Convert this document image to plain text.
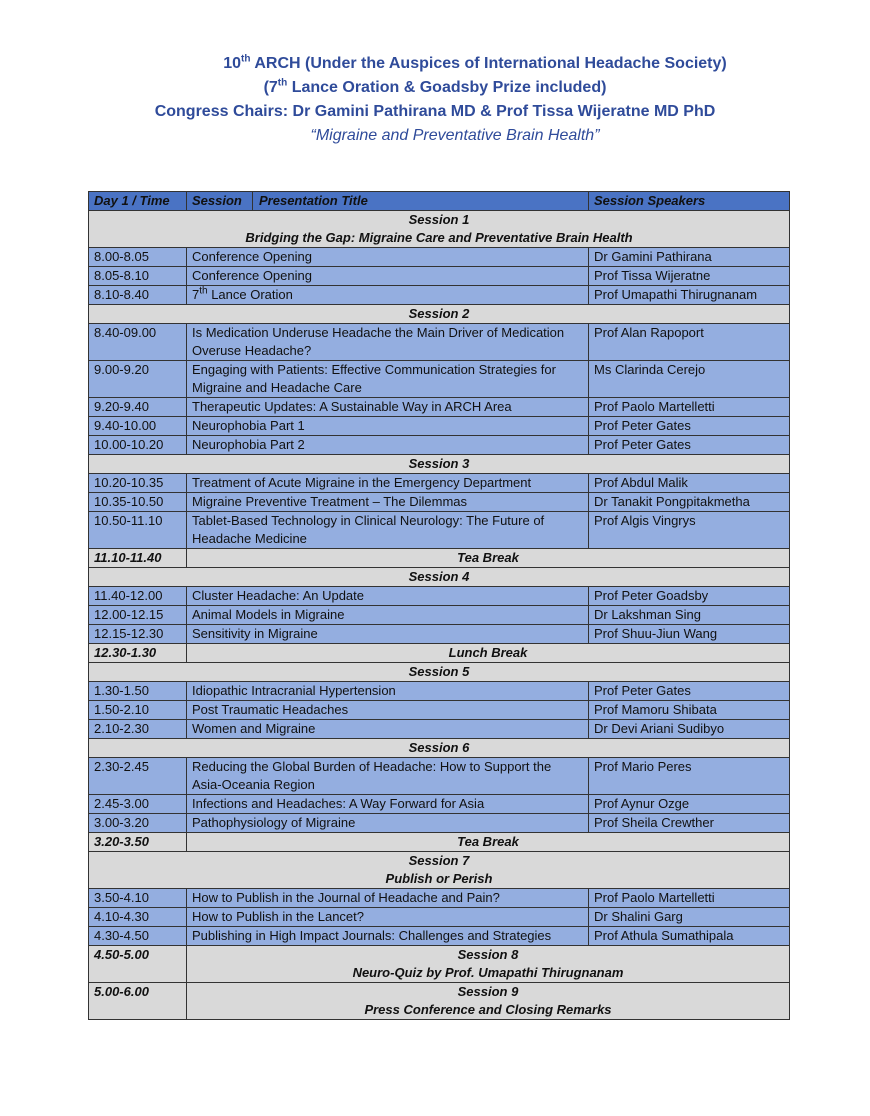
10th ARCH (Under the Auspices of International Headache Society)
(7th Lance Oration & Goadsby Prize included)
Congress Chairs: Dr Gamini Pathirana MD & Prof Tissa Wijeratne MD PhD
“Migraine and Preventative Brain Health”
Day 1 / Time	Session Presentation Title	Session Speakers

Session 1
Bridging the Gap: Migraine Care and Preventative Brain Health		

8.00-8.05	Conference Opening	Dr Gamini Pathirana
8.05-8.10	Conference Opening	Prof Tissa Wijeratne
8.10-8.40	7th Lance Oration	Prof Umapathi Thirugnanam
Session 2		
8.40-09.00	Is Medication Underuse Headache the Main Driver of Medication Overuse Headache?	Prof Alan Rapoport
9.00-9.20	Engaging with Patients: Effective Communication Strategies for Migraine and Headache Care	Ms Clarinda Cerejo
9.20-9.40	Therapeutic Updates: A Sustainable Way in ARCH Area	Prof Paolo Martelletti
9.40-10.00	Neurophobia Part 1	Prof Peter Gates
10.00-10.20	Neurophobia Part 2	Prof Peter Gates
Session 3		
10.20-10.35	Treatment of Acute Migraine in the Emergency Department	Prof Abdul Malik
10.35-10.50	Migraine Preventive Treatment – The Dilemmas	Dr Tanakit Pongpitakmetha
10.50-11.10	Tablet-Based Technology in Clinical Neurology: The Future of Headache Medicine	Prof Algis Vingrys
11.10-11.40	Tea Break	
Session 4		
11.40-12.00	Cluster Headache: An Update	Prof Peter Goadsby
12.00-12.15	Animal Models in Migraine	Dr Lakshman Sing
12.15-12.30	Sensitivity in Migraine	Prof Shuu-Jiun Wang
12.30-1.30	Lunch Break	
Session 5		
1.30-1.50	Idiopathic Intracranial Hypertension	Prof Peter Gates
1.50-2.10	Post Traumatic Headaches	Prof Mamoru Shibata
2.10-2.30	Women and Migraine	Dr Devi Ariani Sudibyo
Session 6		
2.30-2.45	Reducing the Global Burden of Headache: How to Support the Asia-Oceania Region	Prof Mario Peres
2.45-3.00	Infections and Headaches: A Way Forward for Asia	Prof Aynur Ozge
3.00-3.20	Pathophysiology of Migraine	Prof Sheila Crewther
3.20-3.50	Tea Break	

Session 7
Publish or Perish		

3.50-4.10	How to Publish in the Journal of Headache and Pain?	Prof Paolo Martelletti
4.10-4.30	How to Publish in the Lancet?	Dr Shalini Garg
4.30-4.50	Publishing in High Impact Journals: Challenges and Strategies	Prof Athula Sumathipala
4.50-5.00	Session 8
Neuro-Quiz by Prof. Umapathi Thirugnanam	

5.00-6.00	Session 9
Press Conference and Closing Remarks	
